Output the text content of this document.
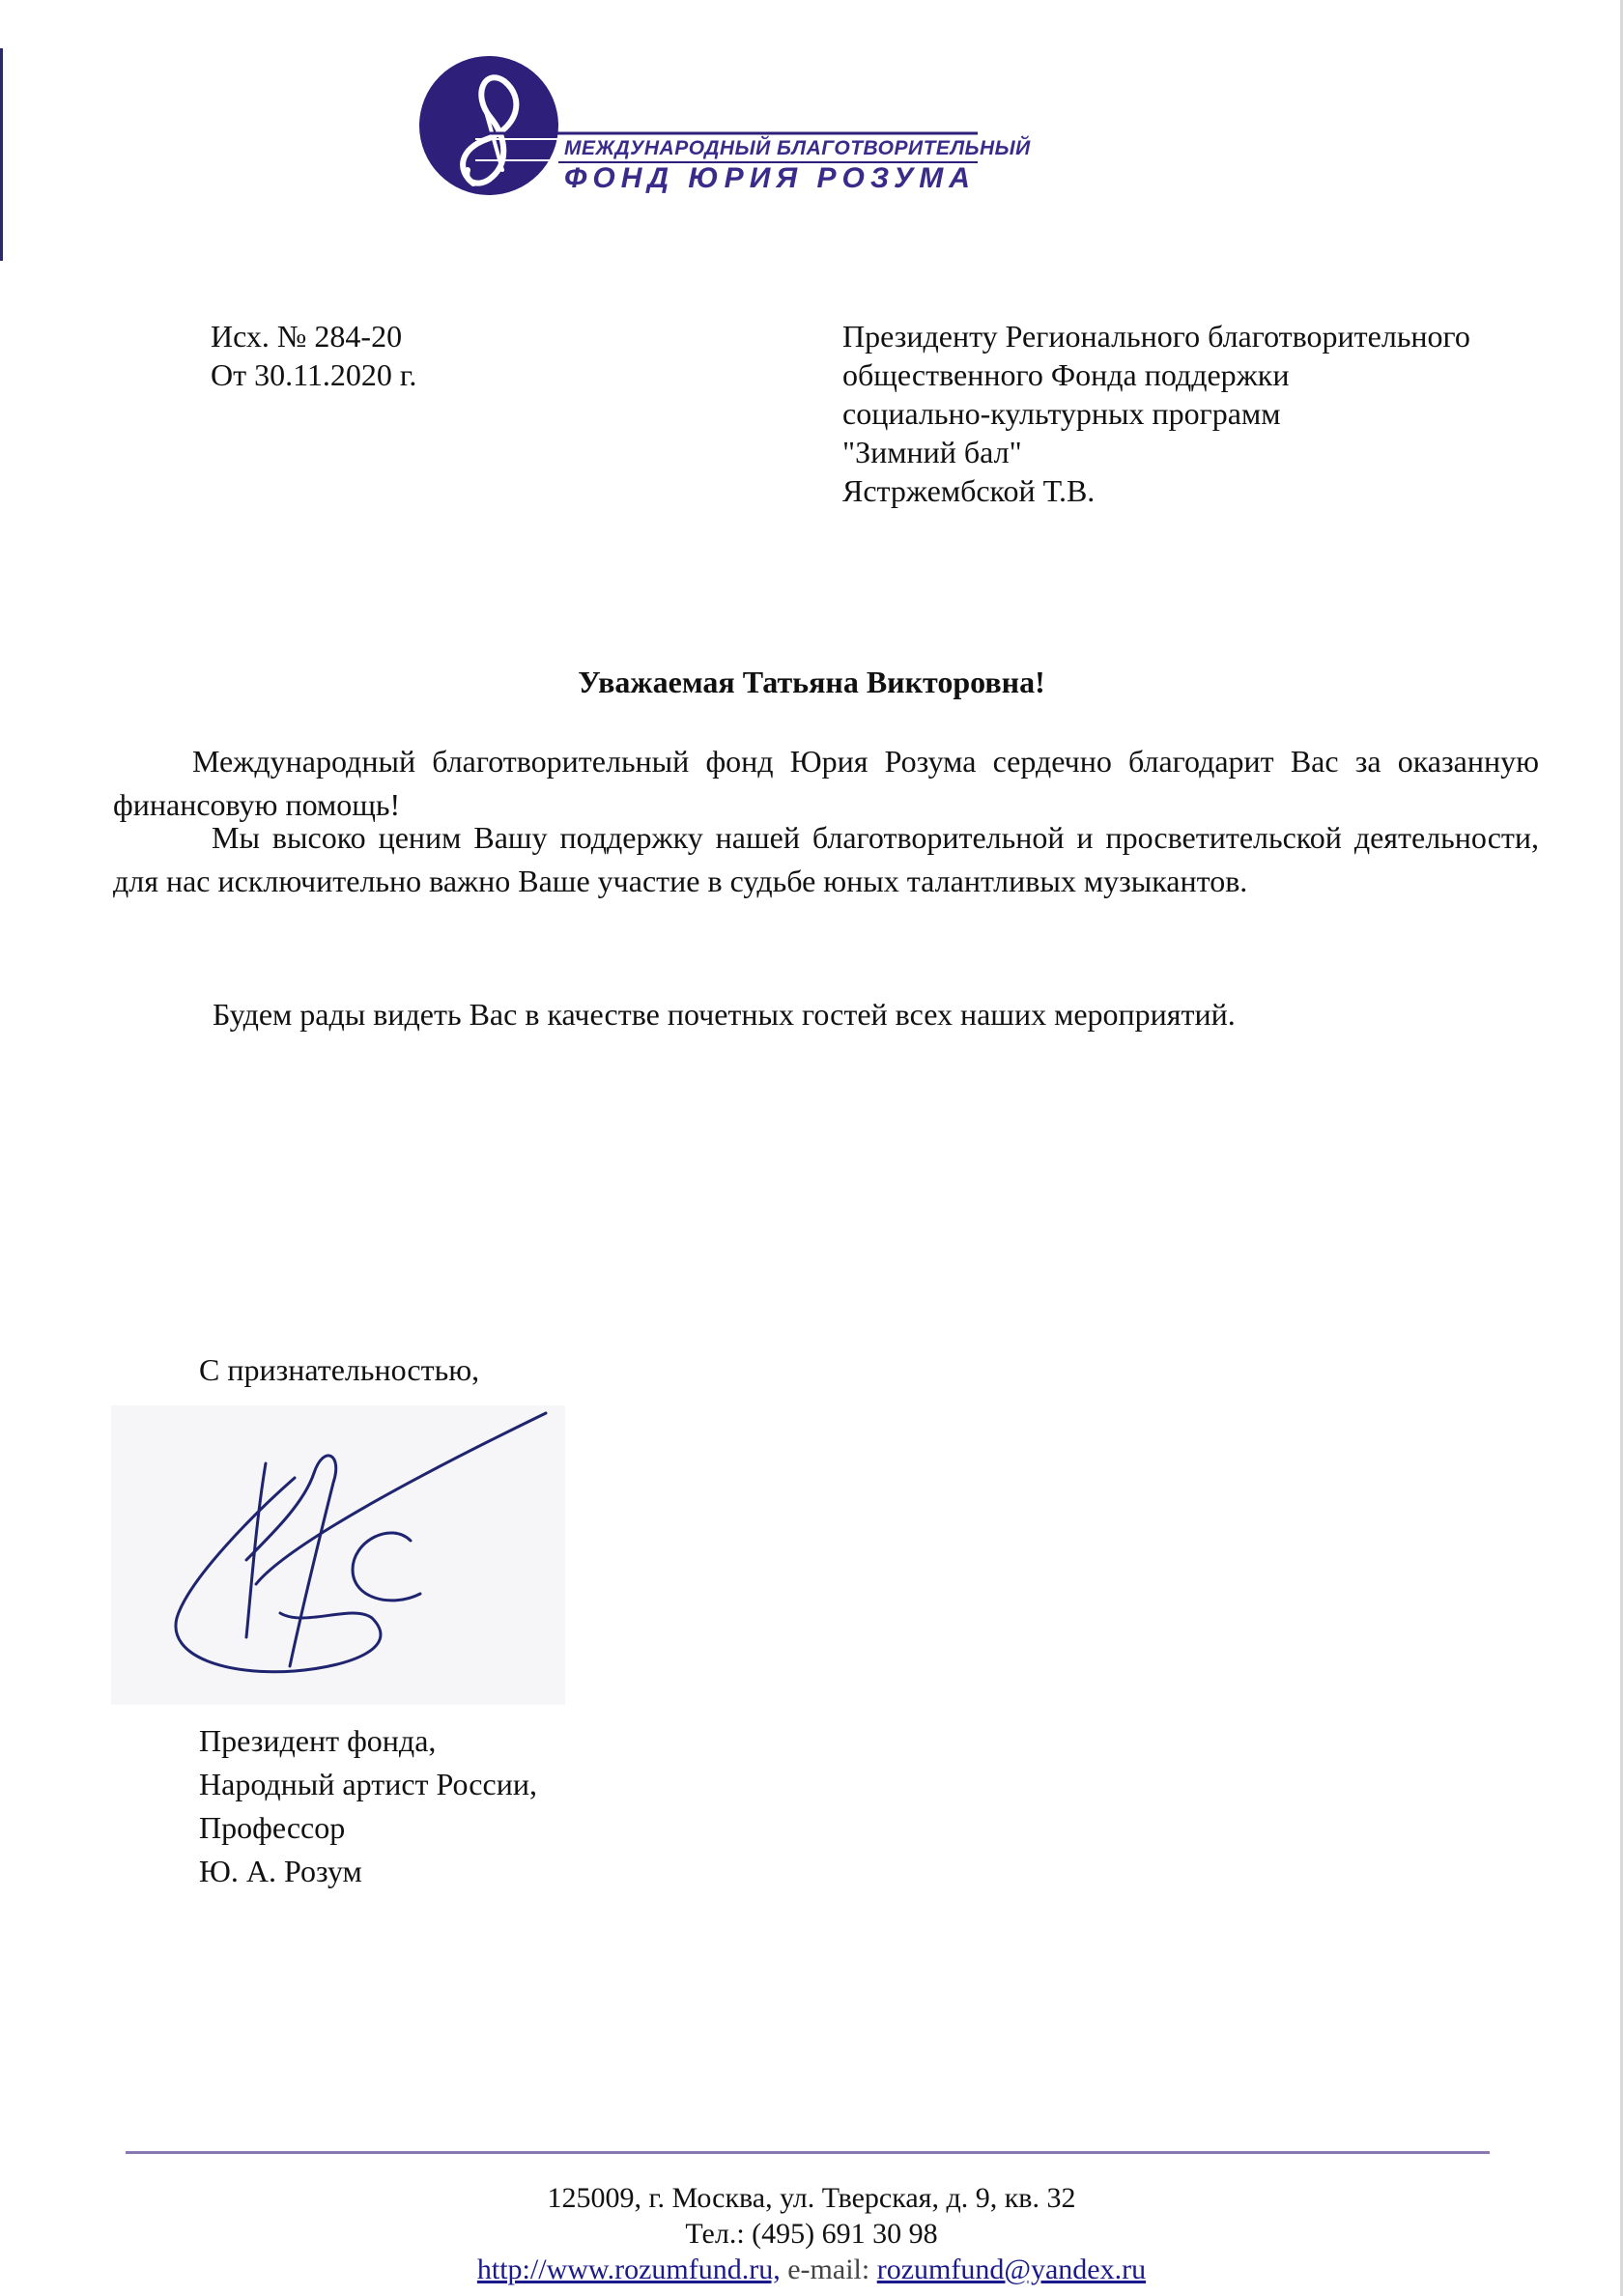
МЕЖДУНАРОДНЫЙ БЛАГОТВОРИТЕЛЬНЫЙ
ФОНД ЮРИЯ РОЗУМА
Исх. № 284-20
От 30.11.2020 г.
Президенту Регионального благотворительного
общественного Фонда поддержки
социально-культурных программ
"Зимний бал"
Ястржембской Т.В.
Уважаемая Татьяна Викторовна!
Международный благотворительный фонд Юрия Розума сердечно благодарит Вас за оказанную финансовую помощь!
Мы высоко ценим Вашу поддержку нашей благотворительной и просветительской деятельности, для нас исключительно важно Ваше участие в судьбе юных талантливых музыкантов.
Будем рады видеть Вас в качестве почетных гостей всех наших мероприятий.
С признательностью,
Президент фонда,
Народный артист России,
Профессор
Ю. А. Розум
125009, г. Москва, ул. Тверская, д. 9, кв. 32
Тел.: (495) 691 30 98
http://www.rozumfund.ru, e-mail: rozumfund@yandex.ru
